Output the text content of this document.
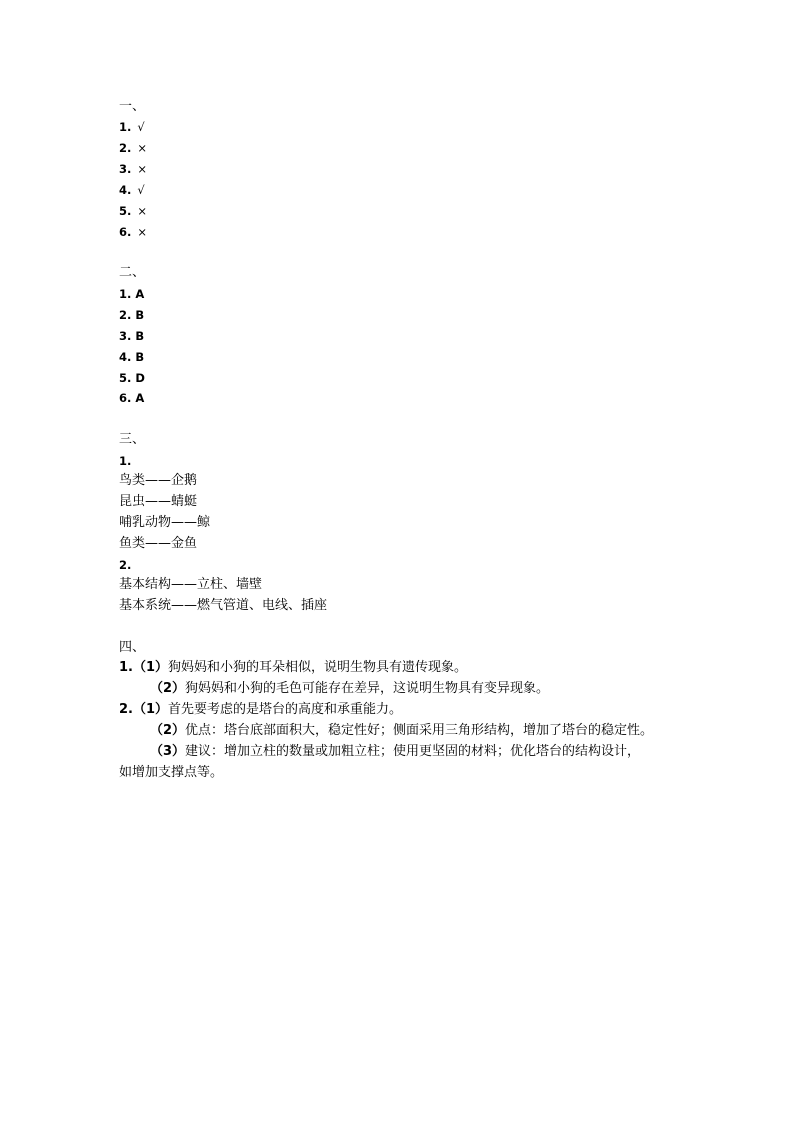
一、
1. √
2. ×
3. ×
4. √
5. ×
6. ×
二、
1. A
2. B
3. B
4. B
5. D
6. A
三、
1.
鸟类——企鹅
昆虫——蜻蜓
哺乳动物——鲸
鱼类——金鱼
2.
基本结构——立柱、墙壁
基本系统——燃气管道、电线、插座
四、
1.（1）狗妈妈和小狗的耳朵相似，说明生物具有遗传现象。
（2）狗妈妈和小狗的毛色可能存在差异，这说明生物具有变异现象。
2.（1）首先要考虑的是塔台的高度和承重能力。
（2）优点：塔台底部面积大，稳定性好；侧面采用三角形结构，增加了塔台的稳定性。
（3）建议：增加立柱的数量或加粗立柱；使用更坚固的材料；优化塔台的结构设计，
如增加支撑点等。
